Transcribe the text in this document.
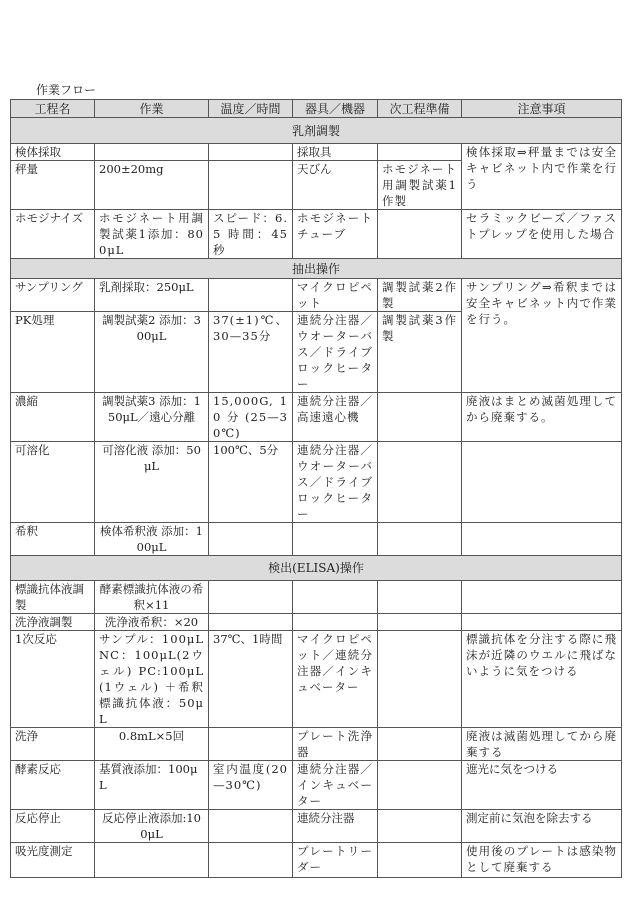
作業フロー
工程名	作業	温度／時間	器具／機器	次工程準備	注意事項
乳剤調製					
検体採取			採取具		検体採取⇒秤量までは安全キャビネット内で作業を行う
秤量	200±20mg		天びん	ホモジネート用調製試薬1作製	
ホモジナイズ	ホモジネート用調製試薬1添加：800μL	スピード：6.5 時間：45秒	ホモジネートチューブ		セラミックビーズ／ファストプレップを使用した場合
抽出操作					
サンプリング	乳剤採取：250μL		マイクロピペット	調製試薬2作製	サンプリング⇒希釈までは安全キャビネット内で作業を行う。
PK処理	調製試薬2 添加：300μL	37(±1)℃、30—35分	連続分注器／ウオーターバス／ドライブロックヒーター	調製試薬3作製	
濃縮	調製試薬3 添加：150μL／遠心分離	15,000G, 10分(25—30℃)	連続分注器／高速遠心機		廃液はまとめ滅菌処理してから廃棄する。
可溶化	可溶化液 添加：50μL	100℃、5分	連続分注器／ウオーターバス／ドライブロックヒーター		
希釈	検体希釈液 添加：100μL				
検出(ELISA)操作					
標識抗体液調製	酵素標識抗体液の希釈×11				
洗浄液調製	洗浄液希釈：×20				
1次反応	サンプル：100μLNC：100μL(2ウェル) PC:100μL(1ウェル) ＋希釈標識抗体液：50μL	37℃、1時間	マイクロピペット／連続分注器／インキュベーター		標識抗体を分注する際に飛沫が近隣のウエルに飛ばないように気をつける
洗浄	0.8mL×5回		プレート洗浄器		廃液は滅菌処理してから廃棄する
酵素反応	基質液添加：100μL	室内温度(20—30℃)	連続分注器／インキュベーター		遮光に気をつける
反応停止	反応停止液添加:100μL		連続分注器		測定前に気泡を除去する
吸光度測定			プレートリーダー		使用後のプレートは感染物として廃棄する
